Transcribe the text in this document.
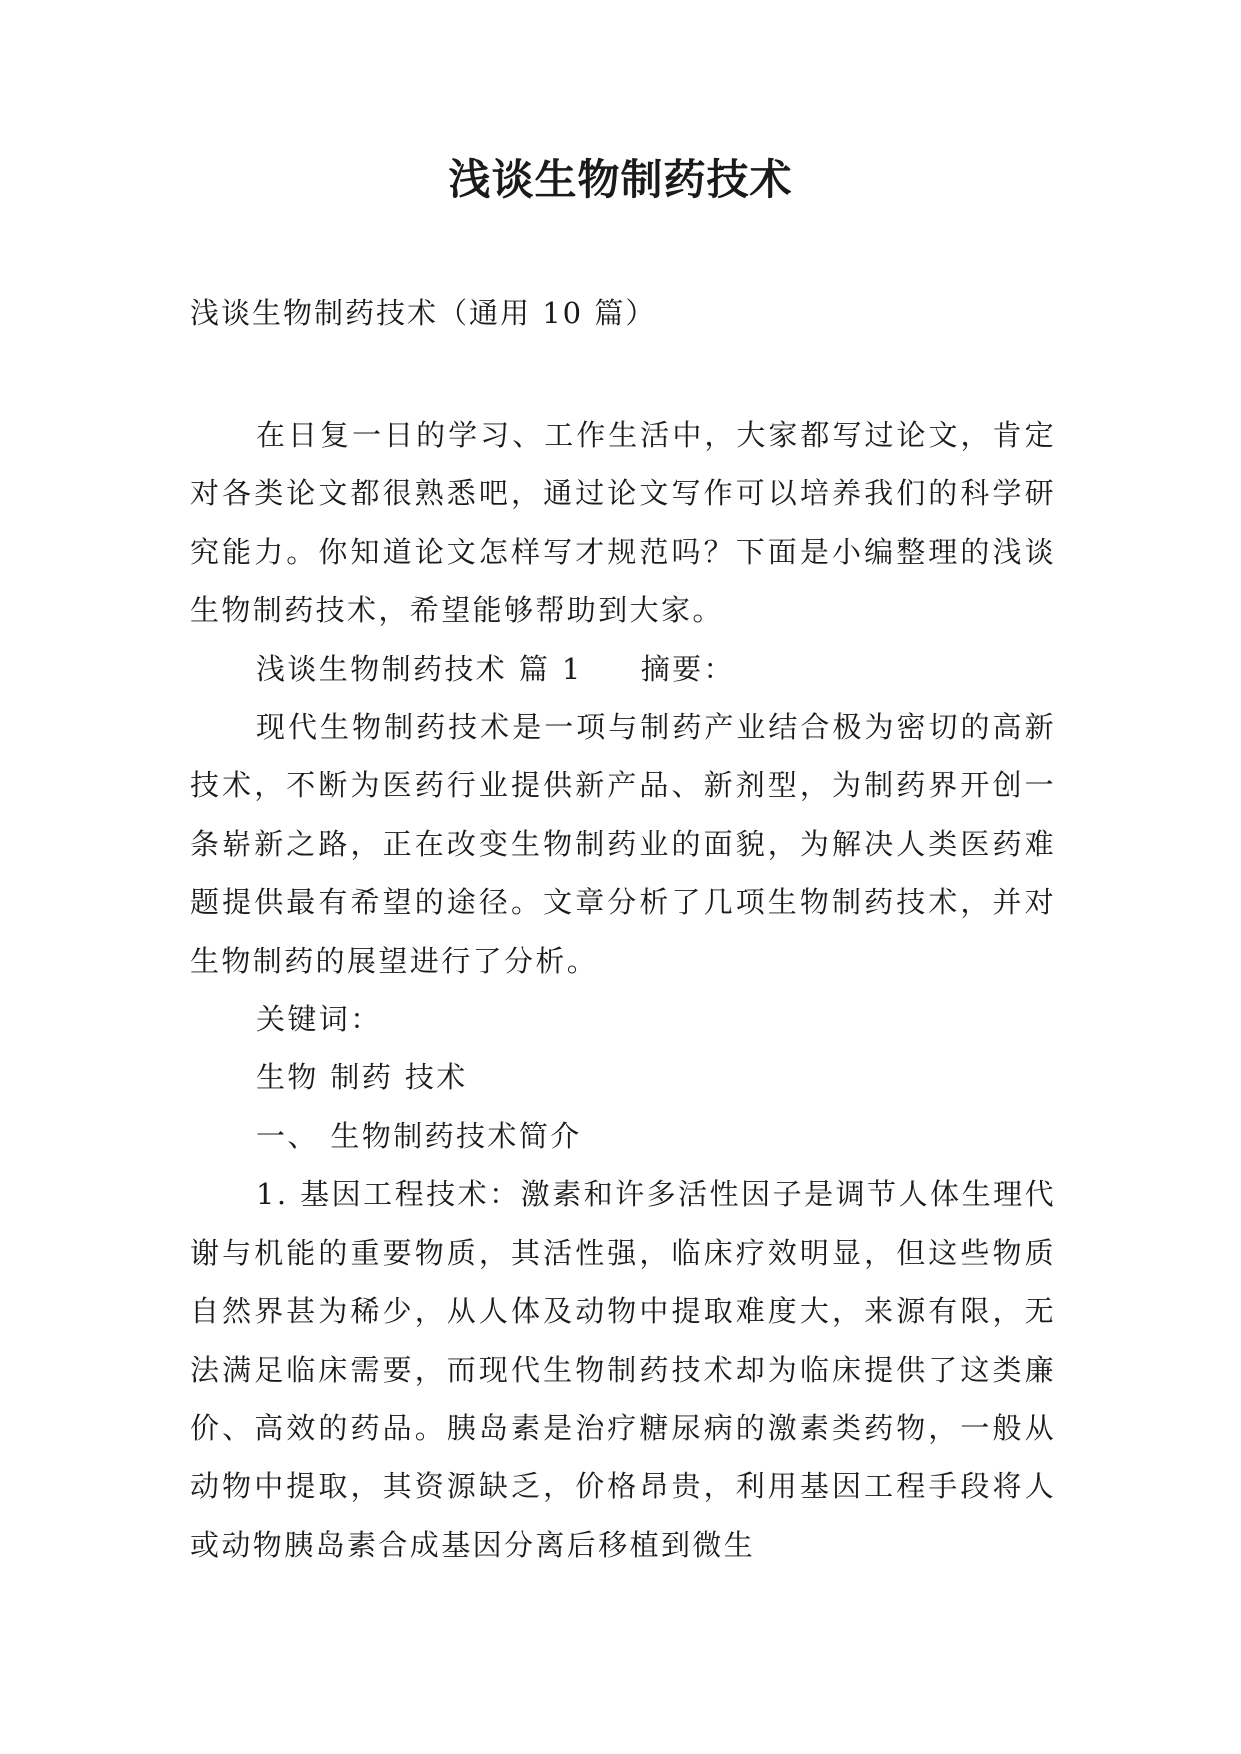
浅谈生物制药技术

浅谈生物制药技术（通用 10 篇）

在日复一日的学习、工作生活中，大家都写过论文，肯定对各类论文都很熟悉吧，通过论文写作可以培养我们的科学研究能力。你知道论文怎样写才规范吗？下面是小编整理的浅谈生物制药技术，希望能够帮助到大家。

浅谈生物制药技术 篇 1 摘要：

现代生物制药技术是一项与制药产业结合极为密切的高新技术，不断为医药行业提供新产品、新剂型，为制药界开创一条崭新之路，正在改变生物制药业的面貌，为解决人类医药难题提供最有希望的途径。文章分析了几项生物制药技术，并对生物制药的展望进行了分析。

关键词：

生物 制药 技术

一、 生物制药技术简介

1. 基因工程技术：激素和许多活性因子是调节人体生理代谢与机能的重要物质，其活性强，临床疗效明显，但这些物质自然界甚为稀少，从人体及动物中提取难度大，来源有限，无法满足临床需要，而现代生物制药技术却为临床提供了这类廉价、高效的药品。胰岛素是治疗糖尿病的激素类药物，一般从动物中提取，其资源缺乏，价格昂贵，利用基因工程手段将人或动物胰岛素合成基因分离后移植到微生
